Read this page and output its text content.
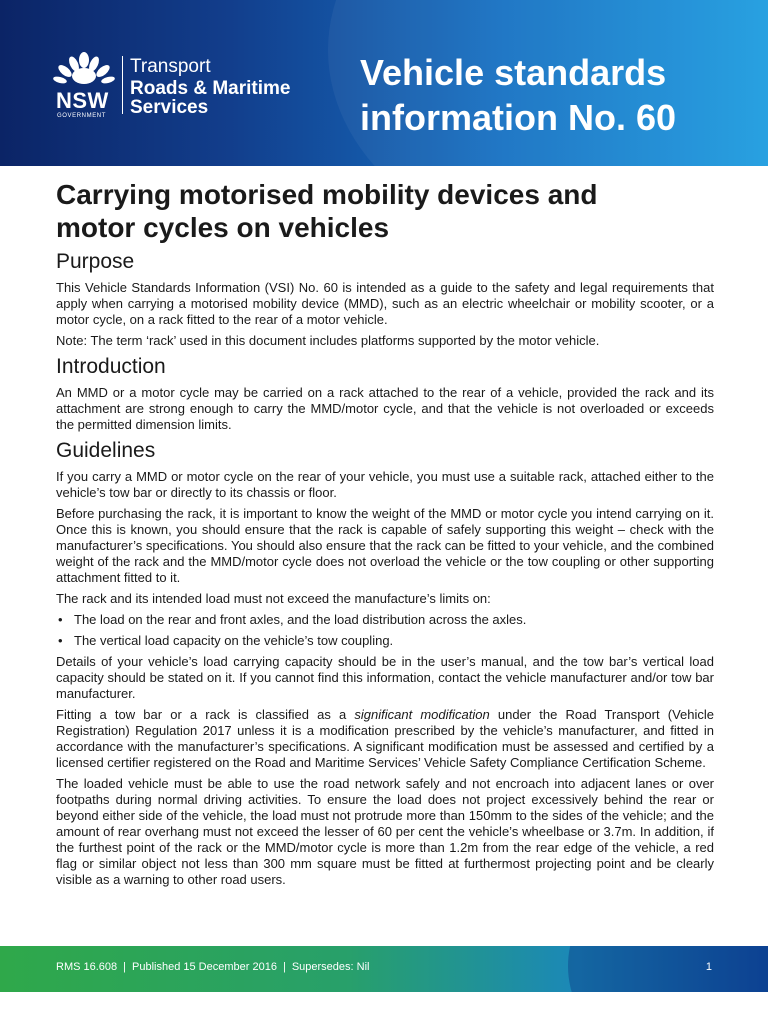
NSW
GOVERNMENT
Transport
Roads & Maritime
Services
Vehicle standards
information No. 60
Carrying motorised mobility devices and
motor cycles on vehicles
Purpose

This Vehicle Standards Information (VSI) No. 60 is intended as a guide to the safety and legal requirements that apply when carrying a motorised mobility device (MMD), such as an electric wheelchair or mobility scooter, or a motor cycle, on a rack fitted to the rear of a motor vehicle.

Note: The term ‘rack’ used in this document includes platforms supported by the motor vehicle.

Introduction

An MMD or a motor cycle may be carried on a rack attached to the rear of a vehicle, provided the rack and its attachment are strong enough to carry the MMD/motor cycle, and that the vehicle is not overloaded or exceeds the permitted dimension limits.

Guidelines

If you carry a MMD or motor cycle on the rear of your vehicle, you must use a suitable rack, attached either to the vehicle’s tow bar or directly to its chassis or floor.

Before purchasing the rack, it is important to know the weight of the MMD or motor cycle you intend carrying on it. Once this is known, you should ensure that the rack is capable of safely supporting this weight – check with the manufacturer’s specifications. You should also ensure that the rack can be fitted to your vehicle, and the combined weight of the rack and the MMD/motor cycle does not overload the vehicle or the tow coupling or other supporting attachment fitted to it.

The rack and its intended load must not exceed the manufacture’s limits on:

• The load on the rear and front axles, and the load distribution across the axles.
• The vertical load capacity on the vehicle’s tow coupling.

Details of your vehicle’s load carrying capacity should be in the user’s manual, and the tow bar’s vertical load capacity should be stated on it. If you cannot find this information, contact the vehicle manufacturer and/or tow bar manufacturer.

Fitting a tow bar or a rack is classified as a significant modification under the Road Transport (Vehicle Registration) Regulation 2017 unless it is a modification prescribed by the vehicle’s manufacturer, and fitted in accordance with the manufacturer’s specifications. A significant modification must be assessed and certified by a licensed certifier registered on the Road and Maritime Services’ Vehicle Safety Compliance Certification Scheme.

The loaded vehicle must be able to use the road network safely and not encroach into adjacent lanes or over footpaths during normal driving activities. To ensure the load does not project excessively behind the rear or beyond either side of the vehicle, the load must not protrude more than 150mm to the sides of the vehicle; and the amount of rear overhang must not exceed the lesser of 60 per cent the vehicle’s wheelbase or 3.7m. In addition, if the furthest point of the rack or the MMD/motor cycle is more than 1.2m from the rear edge of the vehicle, a red flag or similar object not less than 300 mm square must be fitted at furthermost projecting point and be clearly visible as a warning to other road users.

RMS 16.608 | Published 15 December 2016 | Supersedes: Nil	1
